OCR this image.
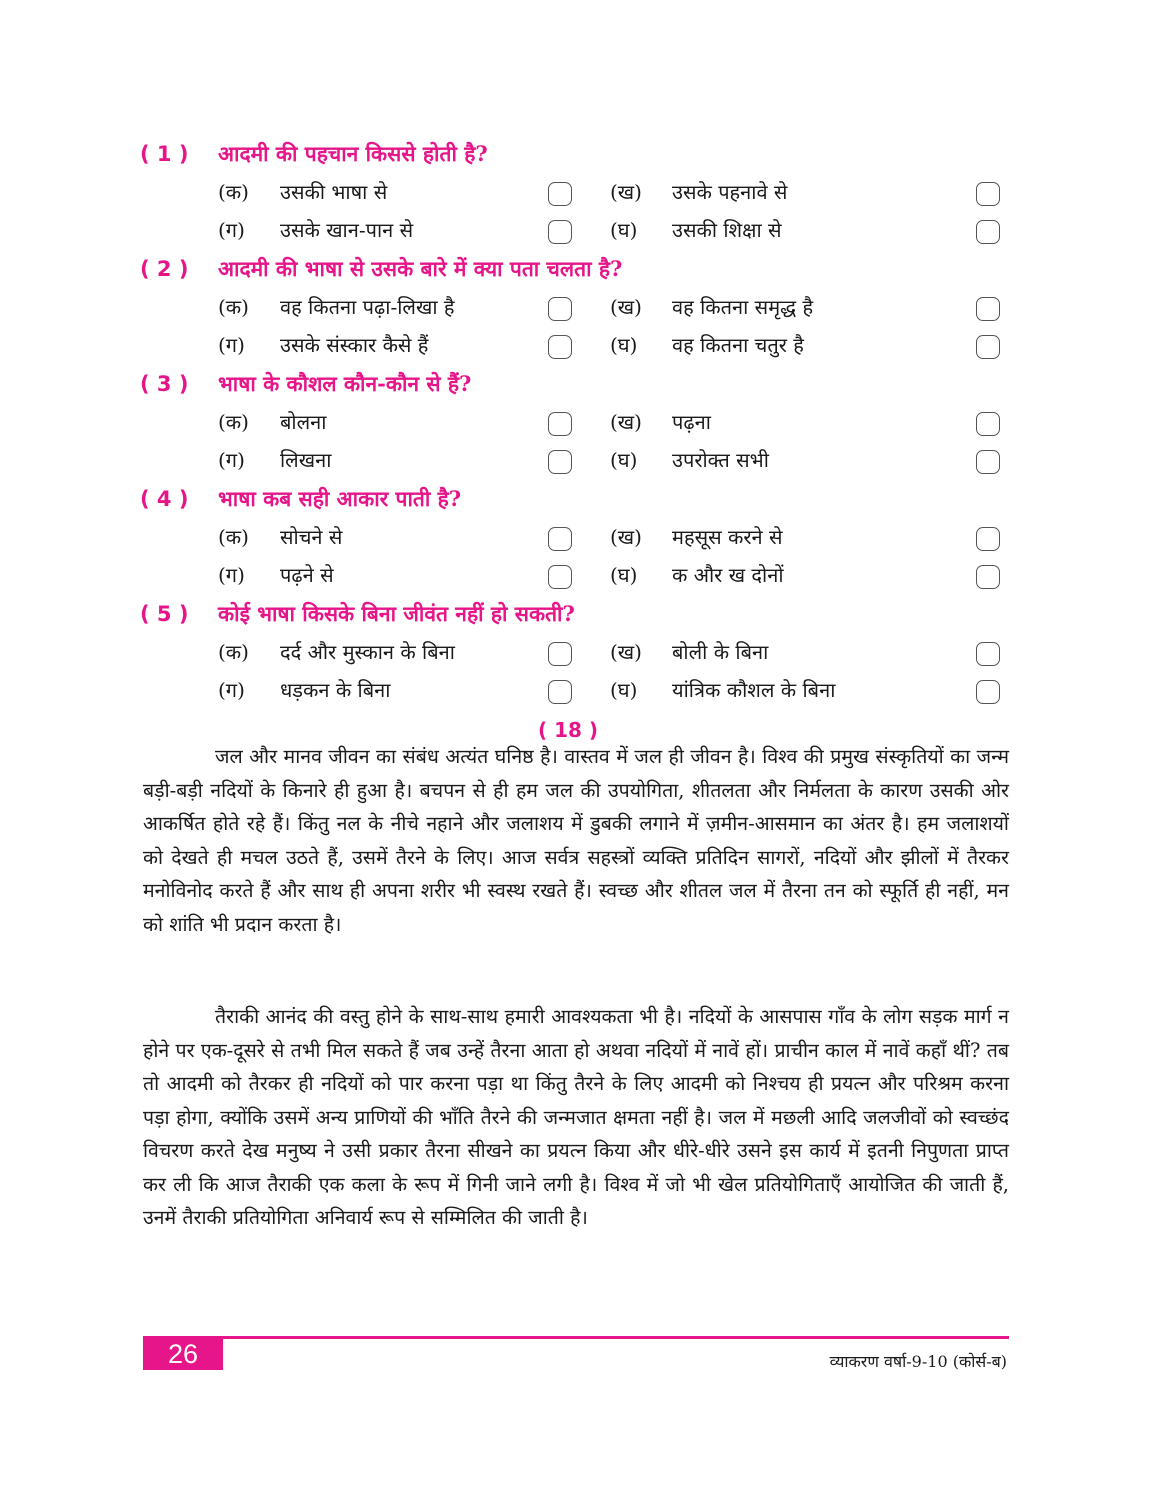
( 1 )	आदमी की पहचान किससे होती है?
(क) उसकी भाषा से	(ख) उसके पहनावे से
(ग) उसके खान-पान से	(घ) उसकी शिक्षा से
( 2 )	आदमी की भाषा से उसके बारे में क्या पता चलता है?
(क) वह कितना पढ़ा-लिखा है	(ख) वह कितना समृद्ध है
(ग) उसके संस्कार कैसे हैं	(घ) वह कितना चतुर है
( 3 )	भाषा के कौशल कौन-कौन से हैं?
(क) बोलना	(ख) पढ़ना
(ग) लिखना	(घ) उपरोक्त सभी
( 4 )	भाषा कब सही आकार पाती है?
(क) सोचने से	(ख) महसूस करने से
(ग) पढ़ने से	(घ) क और ख दोनों
( 5 )	कोई भाषा किसके बिना जीवंत नहीं हो सकती?
(क) दर्द और मुस्कान के बिना	(ख) बोली के बिना
(ग) धड़कन के बिना	(घ) यांत्रिक कौशल के बिना
( 18 )

जल और मानव जीवन का संबंध अत्यंत घनिष्ठ है। वास्तव में जल ही जीवन है। विश्व की प्रमुख संस्कृतियों का जन्म बड़ी-बड़ी नदियों के किनारे ही हुआ है। बचपन से ही हम जल की उपयोगिता, शीतलता और निर्मलता के कारण उसकी ओर आकर्षित होते रहे हैं। किंतु नल के नीचे नहाने और जलाशय में डुबकी लगाने में ज़मीन-आसमान का अंतर है। हम जलाशयों को देखते ही मचल उठते हैं, उसमें तैरने के लिए। आज सर्वत्र सहस्त्रों व्यक्ति प्रतिदिन सागरों, नदियों और झीलों में तैरकर मनोविनोद करते हैं और साथ ही अपना शरीर भी स्वस्थ रखते हैं। स्वच्छ और शीतल जल में तैरना तन को स्फूर्ति ही नहीं, मन को शांति भी प्रदान करता है।

तैराकी आनंद की वस्तु होने के साथ-साथ हमारी आवश्यकता भी है। नदियों के आसपास गाँव के लोग सड़क मार्ग न होने पर एक-दूसरे से तभी मिल सकते हैं जब उन्हें तैरना आता हो अथवा नदियों में नावें हों। प्राचीन काल में नावें कहाँ थीं? तब तो आदमी को तैरकर ही नदियों को पार करना पड़ा था किंतु तैरने के लिए आदमी को निश्चय ही प्रयत्न और परिश्रम करना पड़ा होगा, क्योंकि उसमें अन्य प्राणियों की भाँति तैरने की जन्मजात क्षमता नहीं है। जल में मछली आदि जलजीवों को स्वच्छंद विचरण करते देख मनुष्य ने उसी प्रकार तैरना सीखने का प्रयत्न किया और धीरे-धीरे उसने इस कार्य में इतनी निपुणता प्राप्त कर ली कि आज तैराकी एक कला के रूप में गिनी जाने लगी है। विश्व में जो भी खेल प्रतियोगिताएँ आयोजित की जाती हैं, उनमें तैराकी प्रतियोगिता अनिवार्य रूप से सम्मिलित की जाती है।

26	व्याकरण वर्षा-9-10 (कोर्स-ब)
